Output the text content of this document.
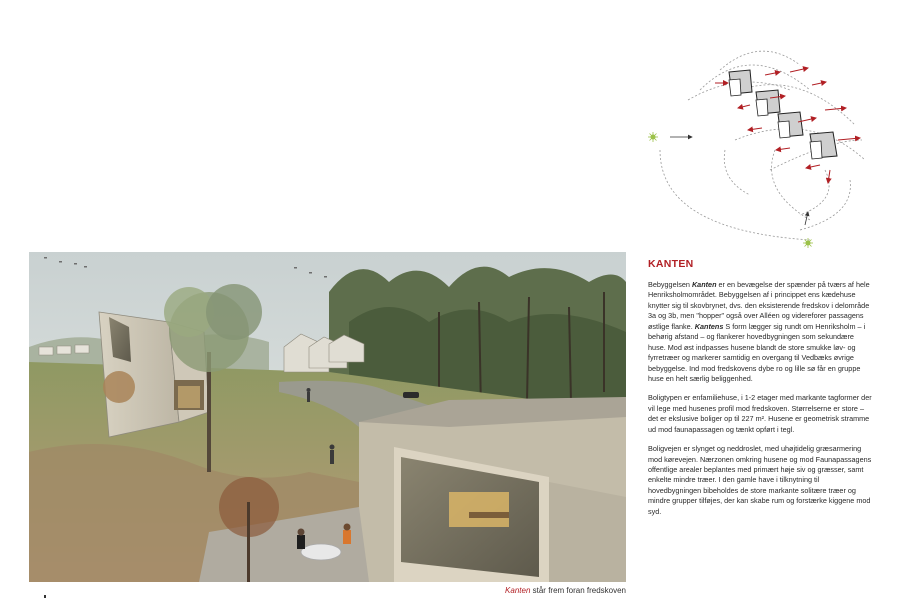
Kanten står frem foran fredskoven
KANTEN

Bebyggelsen Kanten er en bevægelse der spænder på tværs af hele Henriksholmområdet. Bebyggelsen af i princippet ens kædehuse knytter sig til skovbrynet, dvs. den eksisterende fredskov i delområde 3a og 3b, men "hopper" også over Alléen og videreforer passagens østlige flanke. Kantens S form lægger sig rundt om Henriksholm – i behørig afstand – og flankerer hovedbygningen som sekundære huse. Mod øst indpasses husene blandt de store smukke løv- og fyrretræer og markerer samtidig en overgang til Vedbæks øvrige bebyggelse. Ind mod fredskovens dybe ro og lille sø får en gruppe huse en helt særlig beliggenhed.

Boligtypen er enfamiliehuse, i 1-2 etager med markante tagformer der vil lege med husenes profil mod fredskoven. Størrelserne er store – det er ekslusive boliger op til 227 m². Husene er geometrisk stramme ud mod faunapassagen og tænkt opført i tegl.

Boligvejen er slynget og neddroslet, med uhøjtidelig græsarmering mod kørevejen. Nærzonen omkring husene og mod Faunapassagens offentlige arealer beplantes med primært høje siv og græsser, samt enkelte mindre træer. I den gamle have i tilknytning til hovedbygningen bibeholdes de store markante solitære træer og mindre grupper tilføjes, der kan skabe rum og forstærke kiggene mod syd.
